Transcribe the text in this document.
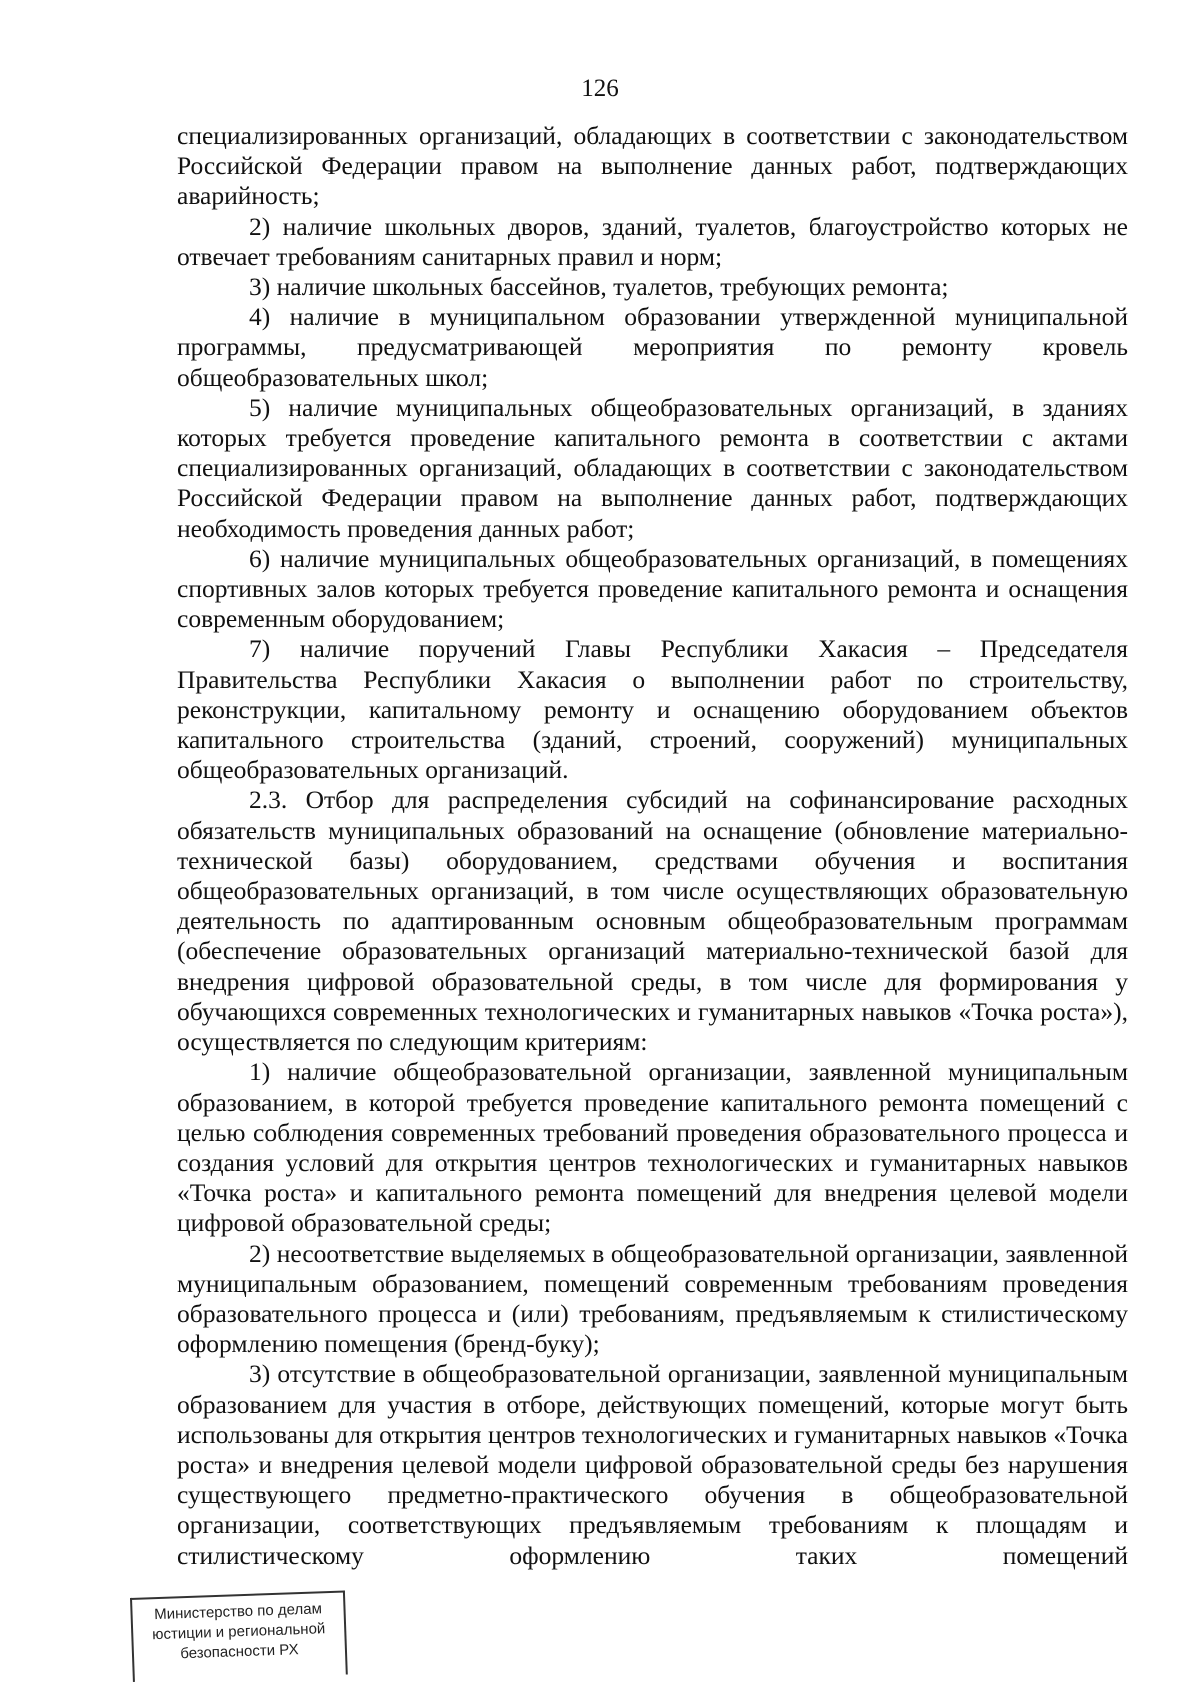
126

специализированных организаций, обладающих в соответствии с законодательством Российской Федерации правом на выполнение данных работ, подтверждающих аварийность;

2) наличие школьных дворов, зданий, туалетов, благоустройство которых не отвечает требованиям санитарных правил и норм;

3) наличие школьных бассейнов, туалетов, требующих ремонта;

4) наличие в муниципальном образовании утвержденной муниципальной программы, предусматривающей мероприятия по ремонту кровель общеобразовательных школ;

5) наличие муниципальных общеобразовательных организаций, в зданиях которых требуется проведение капитального ремонта в соответствии с актами специализированных организаций, обладающих в соответствии с законодательством Российской Федерации правом на выполнение данных работ, подтверждающих необходимость проведения данных работ;

6) наличие муниципальных общеобразовательных организаций, в помещениях спортивных залов которых требуется проведение капитального ремонта и оснащения современным оборудованием;

7) наличие поручений Главы Республики Хакасия – Председателя Правительства Республики Хакасия о выполнении работ по строительству, реконструкции, капитальному ремонту и оснащению оборудованием объектов капитального строительства (зданий, строений, сооружений) муниципальных общеобразовательных организаций.

2.3. Отбор для распределения субсидий на софинансирование расходных обязательств муниципальных образований на оснащение (обновление материально-технической базы) оборудованием, средствами обучения и воспитания общеобразовательных организаций, в том числе осуществляющих образовательную деятельность по адаптированным основным общеобразовательным программам (обеспечение образовательных организаций материально-технической базой для внедрения цифровой образовательной среды, в том числе для формирования у обучающихся современных технологических и гуманитарных навыков «Точка роста»), осуществляется по следующим критериям:

1) наличие общеобразовательной организации, заявленной муниципальным образованием, в которой требуется проведение капитального ремонта помещений с целью соблюдения современных требований проведения образовательного процесса и создания условий для открытия центров технологических и гуманитарных навыков «Точка роста» и капитального ремонта помещений для внедрения целевой модели цифровой образовательной среды;

2) несоответствие выделяемых в общеобразовательной организации, заявленной муниципальным образованием, помещений современным требованиям проведения образовательного процесса и (или) требованиям, предъявляемым к стилистическому оформлению помещения (бренд-буку);

3) отсутствие в общеобразовательной организации, заявленной муниципальным образованием для участия в отборе, действующих помещений, которые могут быть использованы для открытия центров технологических и гуманитарных навыков «Точка роста» и внедрения целевой модели цифровой образовательной среды без нарушения существующего предметно-практического обучения в общеобразовательной организации, соответствующих предъявляемым требованиям к площадям и стилистическому оформлению таких помещений

Министерство по делам
юстиции и региональной
безопасности РХ
